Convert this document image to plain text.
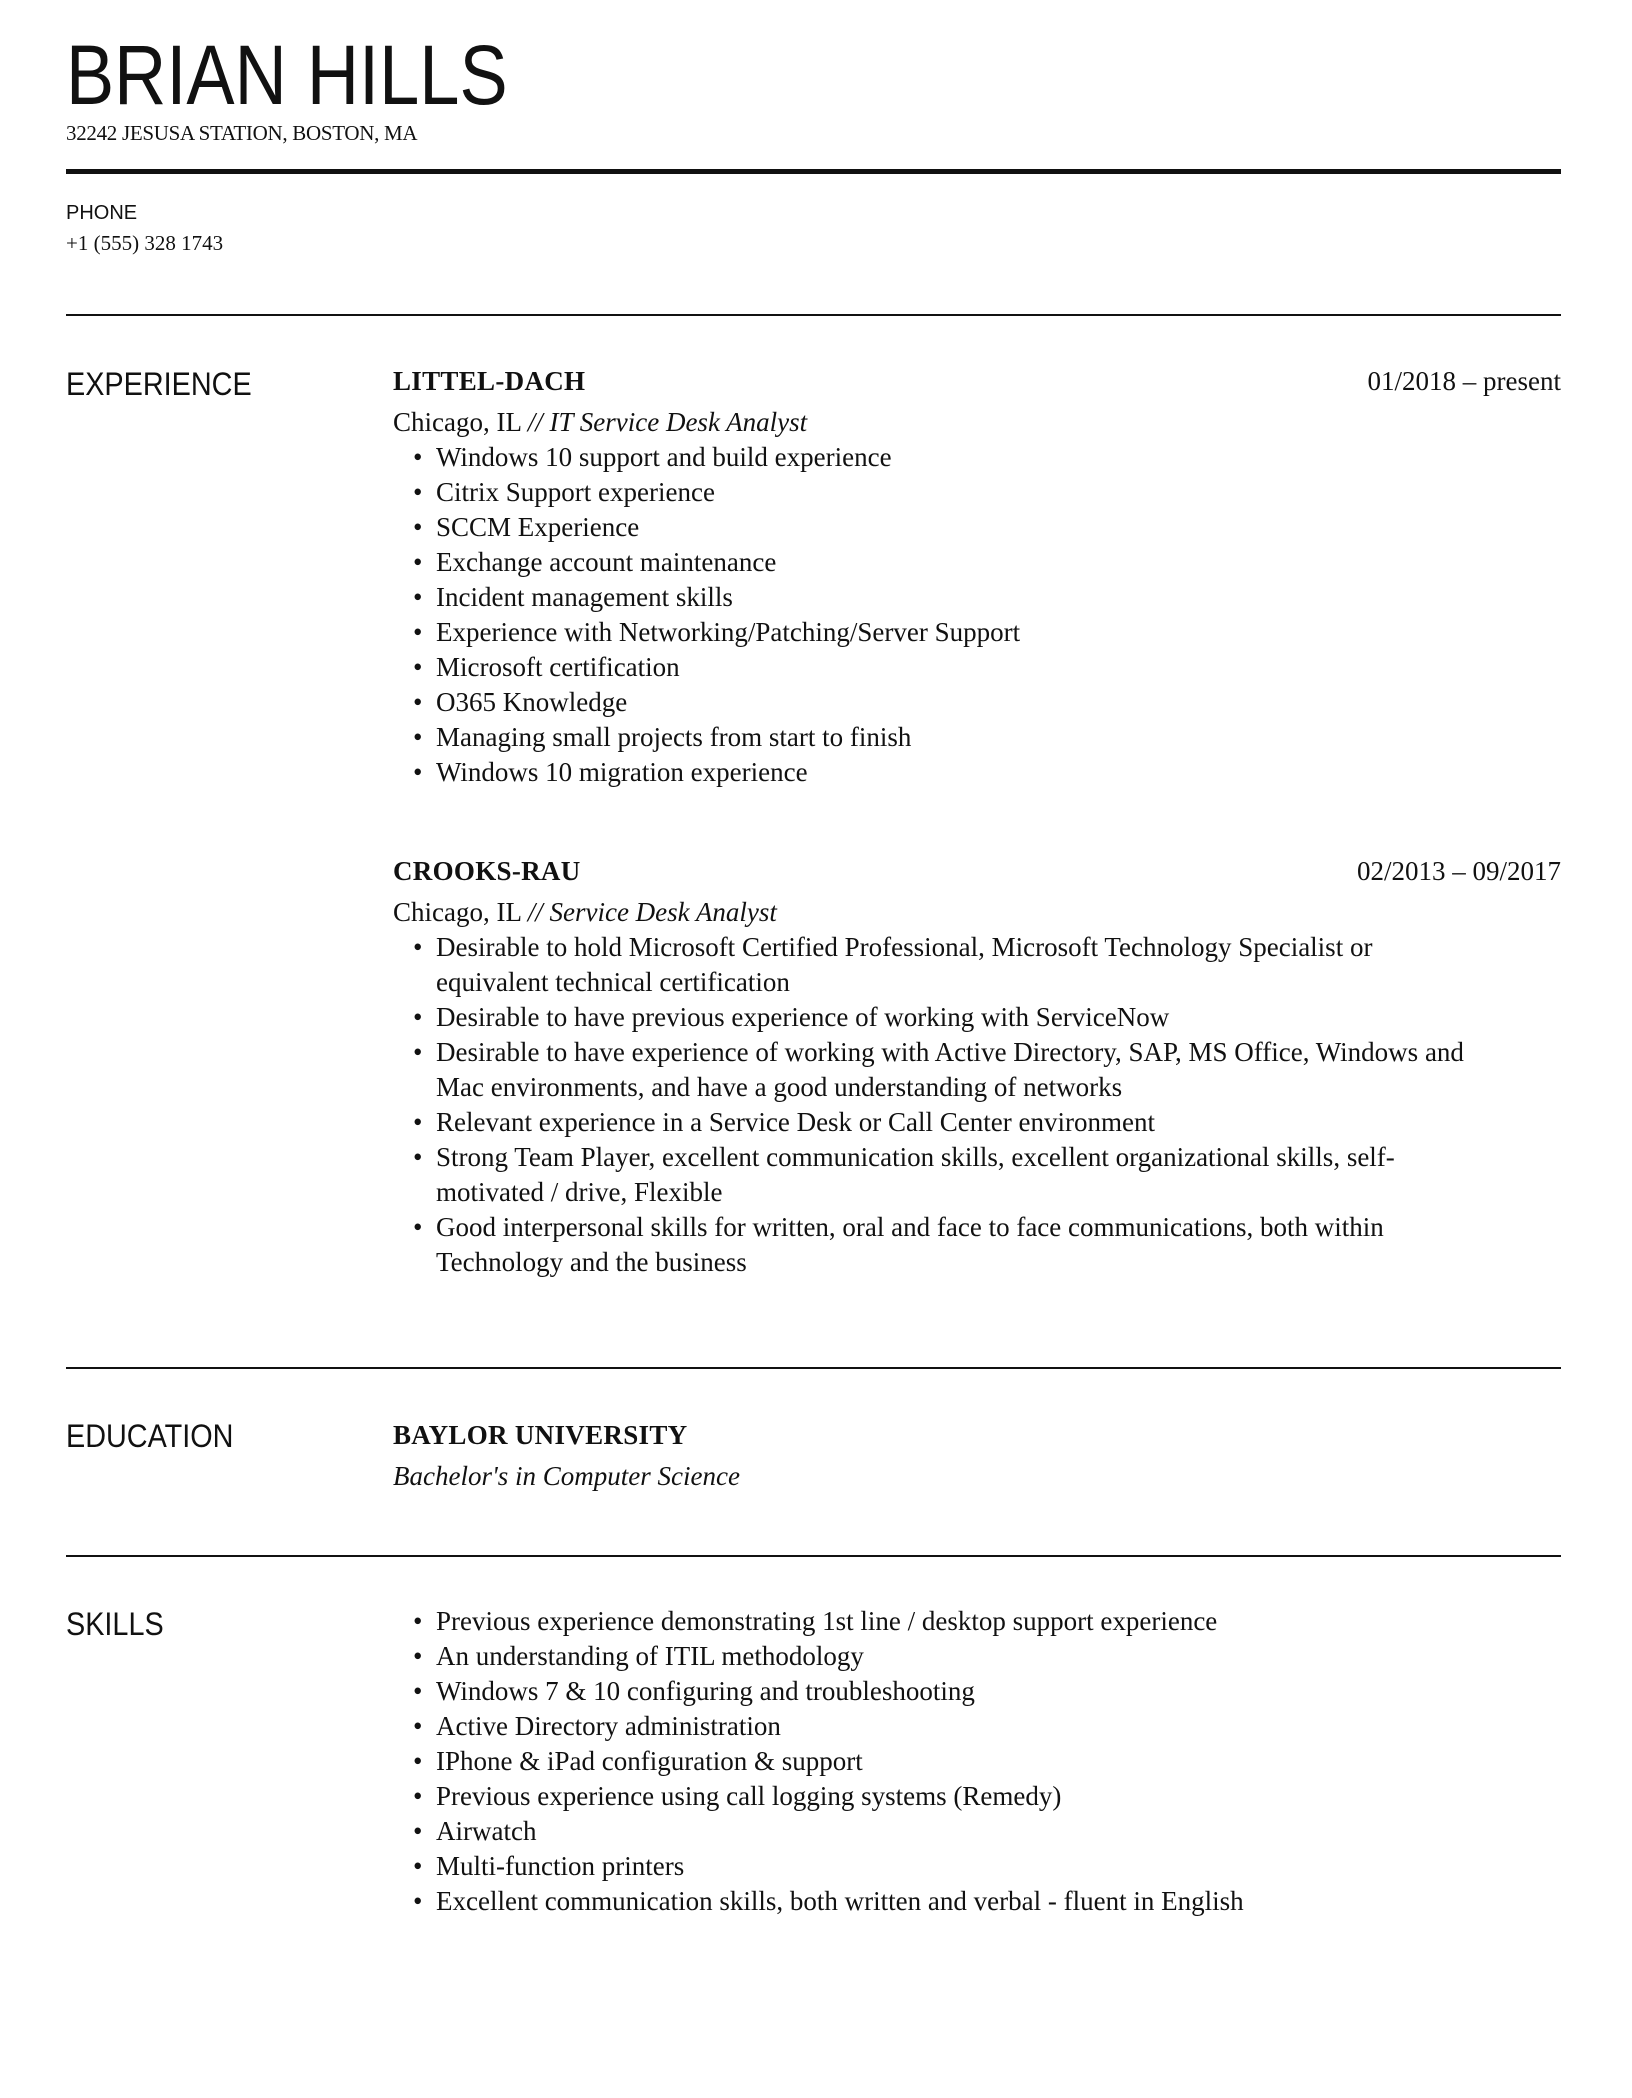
BRIAN HILLS
32242 JESUSA STATION, BOSTON, MA
PHONE
+1 (555) 328 1743
EXPERIENCE	LITTEL-DACH	01/2018 – present
Chicago, IL // IT Service Desk Analyst
• Windows 10 support and build experience
• Citrix Support experience
• SCCM Experience
• Exchange account maintenance
• Incident management skills
• Experience with Networking/Patching/Server Support
• Microsoft certification
• O365 Knowledge
• Managing small projects from start to finish
• Windows 10 migration experience
CROOKS-RAU	02/2013 – 09/2017
Chicago, IL // Service Desk Analyst
• Desirable to hold Microsoft Certified Professional, Microsoft Technology Specialist or equivalent technical certification
• Desirable to have previous experience of working with ServiceNow
• Desirable to have experience of working with Active Directory, SAP, MS Office, Windows and Mac environments, and have a good understanding of networks
• Relevant experience in a Service Desk or Call Center environment
• Strong Team Player, excellent communication skills, excellent organizational skills, self-motivated / drive, Flexible
• Good interpersonal skills for written, oral and face to face communications, both within Technology and the business
EDUCATION	BAYLOR UNIVERSITY
Bachelor's in Computer Science
SKILLS	• Previous experience demonstrating 1st line / desktop support experience
• An understanding of ITIL methodology
• Windows 7 & 10 configuring and troubleshooting
• Active Directory administration
• IPhone & iPad configuration & support
• Previous experience using call logging systems (Remedy)
• Airwatch
• Multi-function printers
• Excellent communication skills, both written and verbal - fluent in English
